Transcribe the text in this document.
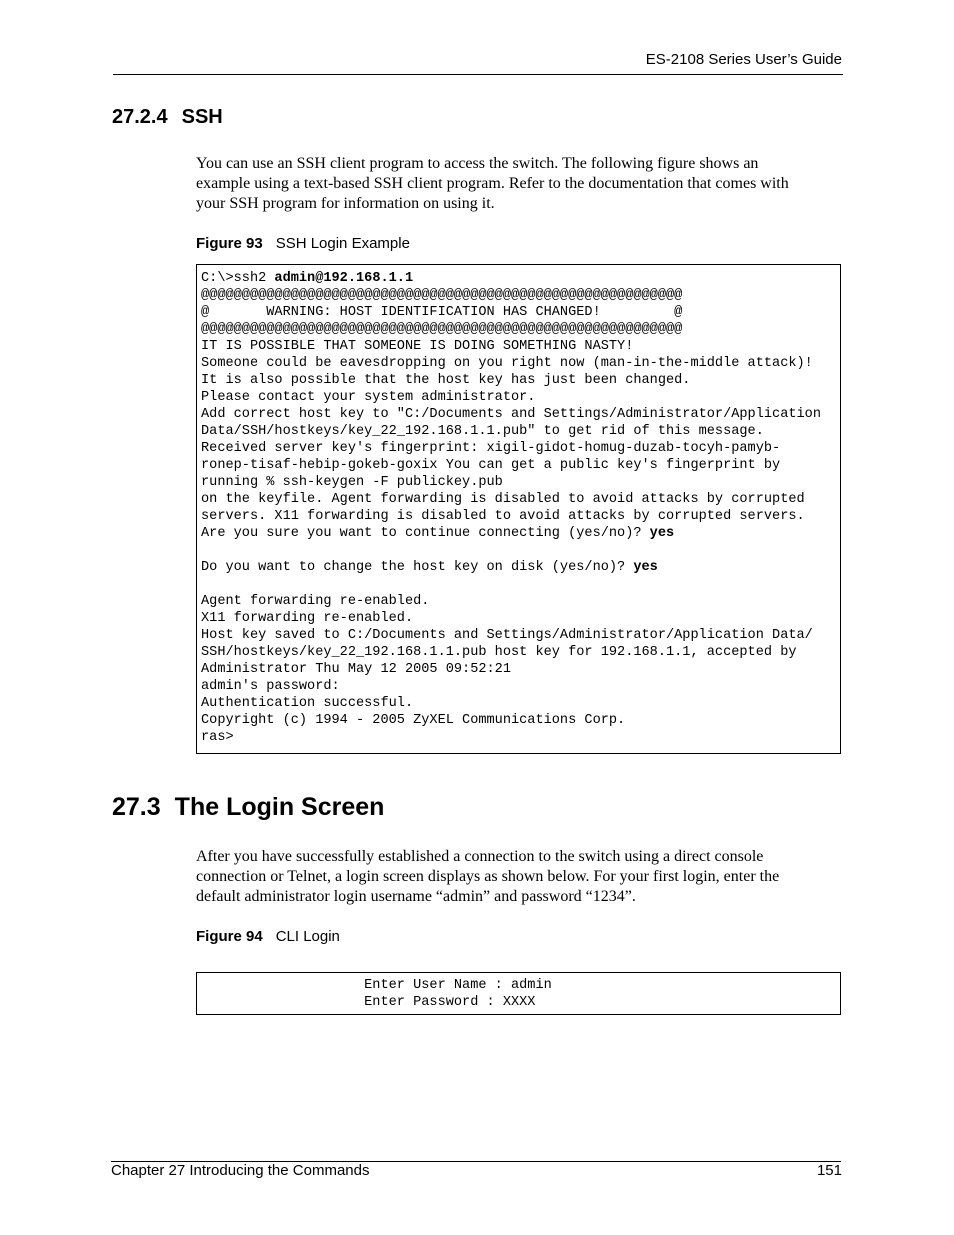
ES-2108 Series User’s Guide
27.2.4 SSH
You can use an SSH client program to access the switch. The following figure shows an
example using a text-based SSH client program. Refer to the documentation that comes with
your SSH program for information on using it.
Figure 93 SSH Login Example
C:\>ssh2 admin@192.168.1.1
@@@@@@@@@@@@@@@@@@@@@@@@@@@@@@@@@@@@@@@@@@@@@@@@@@@@@@@@@@@
@       WARNING: HOST IDENTIFICATION HAS CHANGED!         @
@@@@@@@@@@@@@@@@@@@@@@@@@@@@@@@@@@@@@@@@@@@@@@@@@@@@@@@@@@@
IT IS POSSIBLE THAT SOMEONE IS DOING SOMETHING NASTY!
Someone could be eavesdropping on you right now (man-in-the-middle attack)!
It is also possible that the host key has just been changed.
Please contact your system administrator.
Add correct host key to "C:/Documents and Settings/Administrator/Application
Data/SSH/hostkeys/key_22_192.168.1.1.pub" to get rid of this message.
Received server key's fingerprint: xigil-gidot-homug-duzab-tocyh-pamyb-
ronep-tisaf-hebip-gokeb-goxix You can get a public key's fingerprint by
running % ssh-keygen -F publickey.pub
on the keyfile. Agent forwarding is disabled to avoid attacks by corrupted
servers. X11 forwarding is disabled to avoid attacks by corrupted servers.
Are you sure you want to continue connecting (yes/no)? yes
Do you want to change the host key on disk (yes/no)? yes
Agent forwarding re-enabled.
X11 forwarding re-enabled.
Host key saved to C:/Documents and Settings/Administrator/Application Data/
SSH/hostkeys/key_22_192.168.1.1.pub host key for 192.168.1.1, accepted by
Administrator Thu May 12 2005 09:52:21
admin's password:
Authentication successful.
Copyright (c) 1994 - 2005 ZyXEL Communications Corp.
ras>
27.3 The Login Screen
After you have successfully established a connection to the switch using a direct console
connection or Telnet, a login screen displays as shown below. For your first login, enter the
default administrator login username “admin” and password “1234”.
Figure 94 CLI Login
Enter User Name : admin
Enter Password : XXXX
Chapter 27 Introducing the Commands	151
